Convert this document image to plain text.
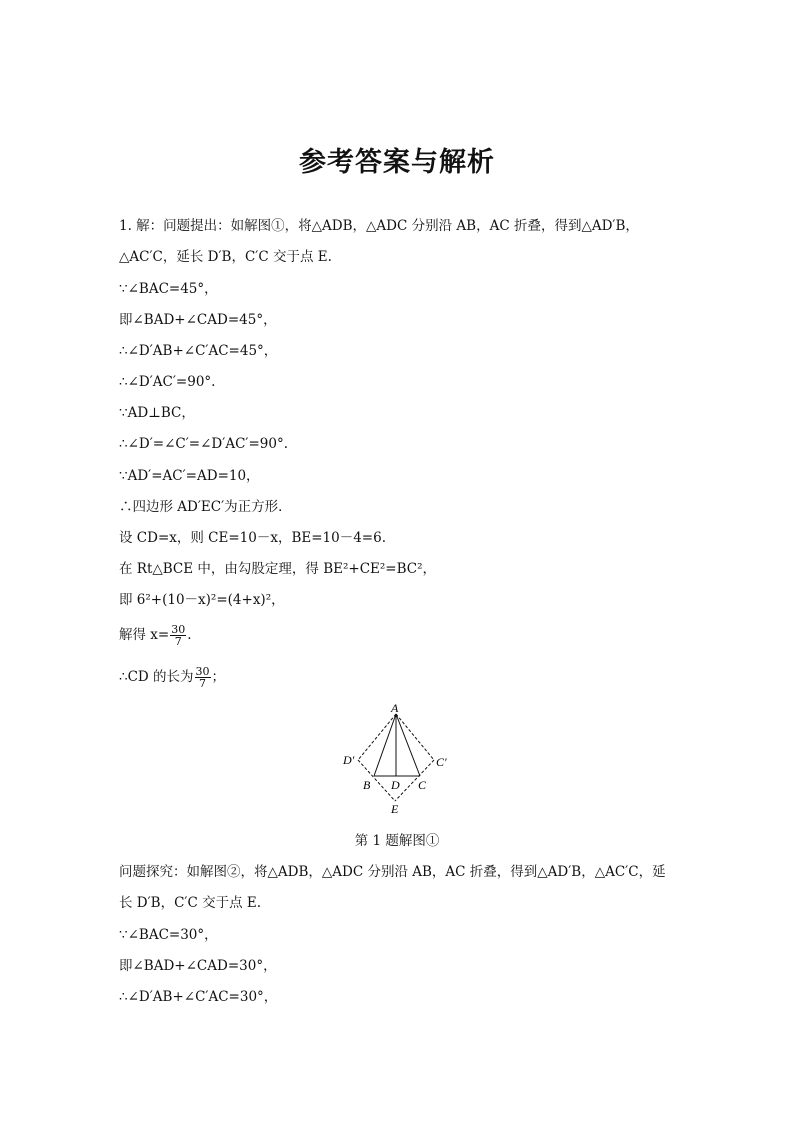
参考答案与解析
1. 解：问题提出：如解图①，将△ADB，△ADC 分别沿 AB，AC 折叠，得到△AD′B，
△AC′C，延长 D′B，C′C 交于点 E.
∵∠BAC=45°，
即∠BAD+∠CAD=45°，
∴∠D′AB+∠C′AC=45°，
∴∠D′AC′=90°.
∵AD⊥BC，
∴∠D′=∠C′=∠D′AC′=90°.
∵AD′=AC′=AD=10，
∴四边形 AD′EC′为正方形．
设 CD=x，则 CE=10－x，BE=10－4=6.
在 Rt△BCE 中，由勾股定理，得 BE²+CE²=BC²，
即 6²+(10－x)²=(4+x)²，
解得 $x= \frac{30}{7}$ .
∴CD 的长为 $\frac{30}{7}$ ；
A
D′	C′
B D C
E
第 1 题解图①
问题探究：如解图②，将△ADB，△ADC 分别沿 AB，AC 折叠，得到△AD′B，△AC′C，延
长 D′B，C′C 交于点 E.
∵∠BAC=30°，
即∠BAD+∠CAD=30°，
∴∠D′AB+∠C′AC=30°，
